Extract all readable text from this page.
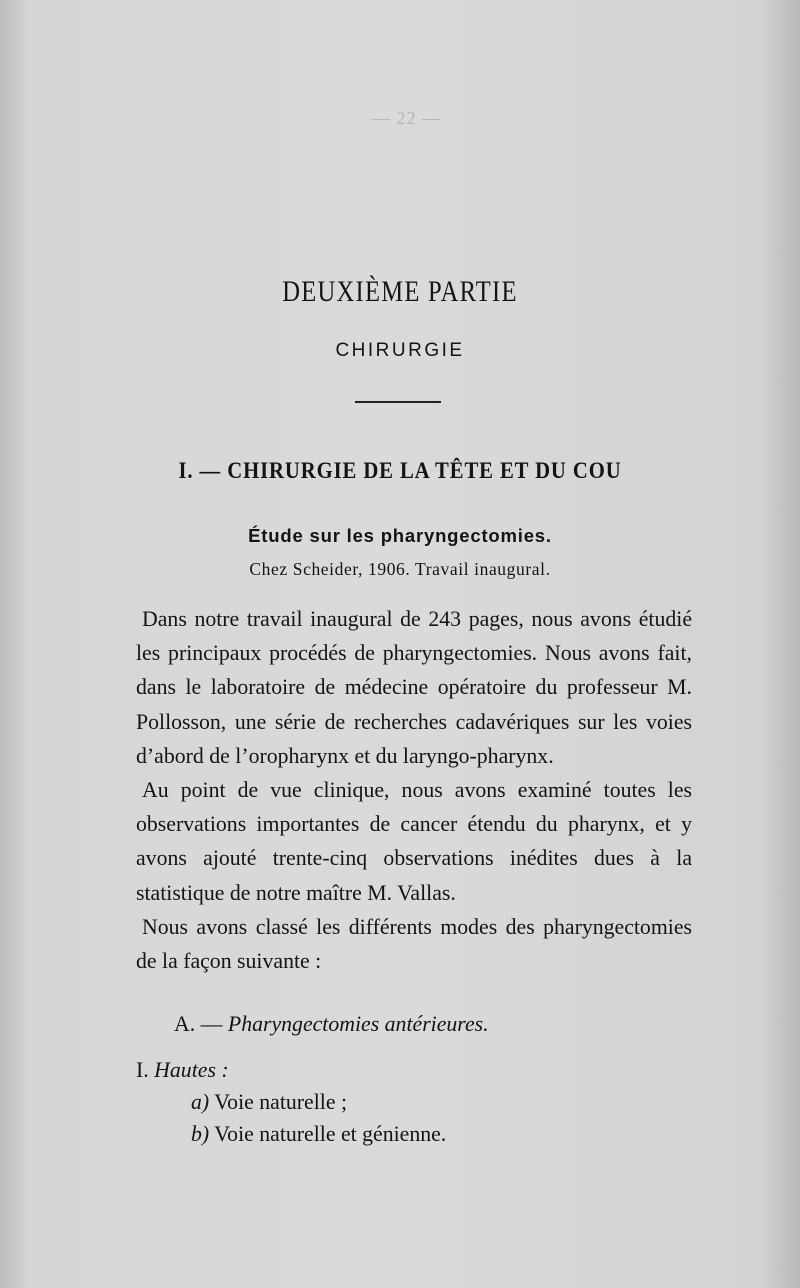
— 22 —
DEUXIÈME PARTIE
CHIRURGIE
I. — CHIRURGIE DE LA TÊTE ET DU COU
Étude sur les pharyngectomies.
Chez Scheider, 1906. Travail inaugural.

Dans notre travail inaugural de 243 pages, nous avons étudié les principaux procédés de pharyngectomies. Nous avons fait, dans le laboratoire de médecine opératoire du professeur M. Pollosson, une série de recherches cadavériques sur les voies d’abord de l’oropharynx et du laryngo-pharynx.

Au point de vue clinique, nous avons examiné toutes les observations importantes de cancer étendu du pharynx, et y avons ajouté trente-cinq observations inédites dues à la statistique de notre maître M. Vallas.

Nous avons classé les différents modes des pharyngectomies de la façon suivante :

A. — Pharyngectomies antérieures.
I. Hautes :
a) Voie naturelle ;
b) Voie naturelle et génienne.
